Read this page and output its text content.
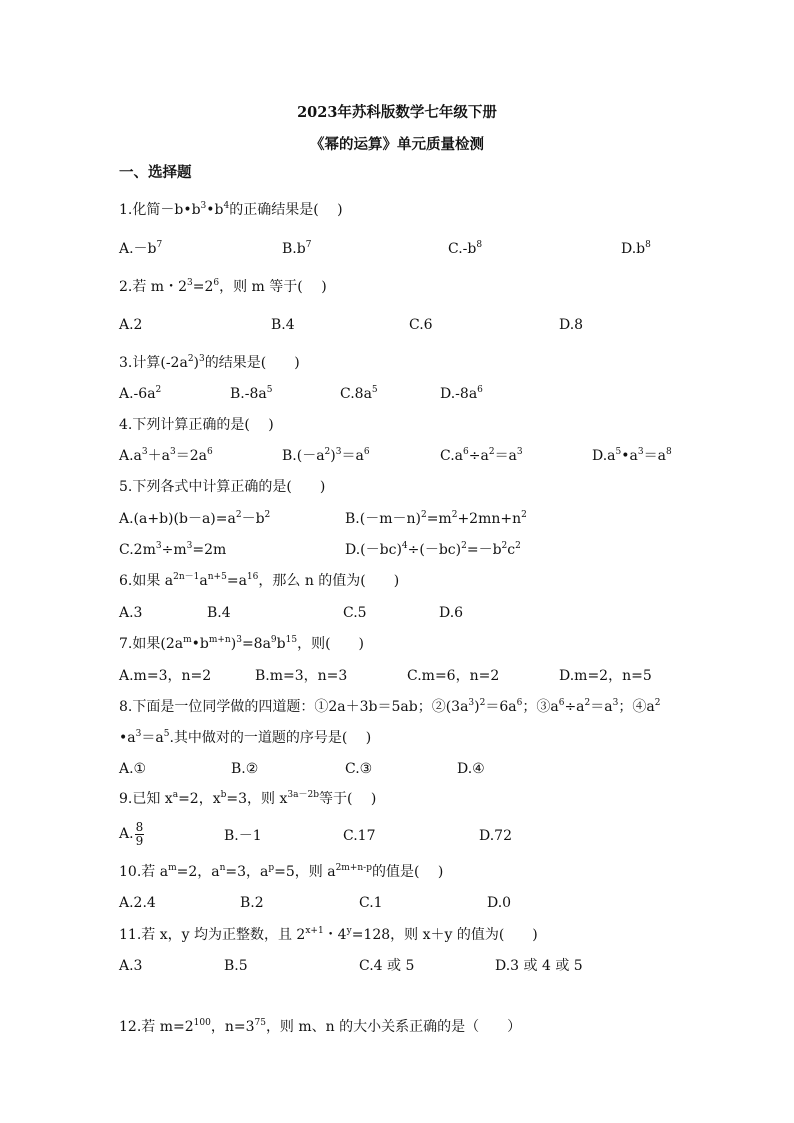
2023年苏科版数学七年级下册
《幂的运算》单元质量检测
一、选择题
1.化简$-b•b^3•b^4$的正确结果是(　 )
$A.-b^7$	$B.b^7$	$C.-b^8$	$D.b^8$
2.若 m・$2^3=2^6$，则 m 等于(　 )
A.2	B.4	C.6	D.8
3.计算$(-2a^2)^3$的结果是(　　)
$A.-6a^2$	$B.-8a^5$	$C.8a^5$	$D.-8a^6$
4.下列计算正确的是(　 )
$A.a^3+a^3=2a^6$	$B.(-a^2)^3=a^6$	$C.a^6\div a^2=a^3$	$D.a^5•a^3=a^8$
5.下列各式中计算正确的是(　　)
$A.(a+b)(b-a)=a^2-b^2$	$B.(-m-n)^2=m^2+2mn+n^2$
$C.2m^3\div m^3=2m$	$D.(-bc)^4\div(-bc)^2=-b^2c^2$
6.如果 $a^{2n-1}a^{n+5}=a^{16}$，那么 n 的值为(　　)
A.3	B.4	C.5	D.6
7.如果$(2a^m•b^{m+n})^3=8a^9b^{15}$，则(　　)
A.m=3，n=2	B.m=3，n=3	C.m=6，n=2	D.m=2，n=5
8.下面是一位同学做的四道题：①2a＋3b＝5ab；$②(3a^3)^2=6a^6$；$③a^6\div a^2=a^3$；$④a^2$
$•a^3=a^5$.其中做对的一道题的序号是(　 )
A.①	B.②	C.③	D.④
9.已知 $x^a=2$，$x^b=3$，则 $x^{3a-2b}$等于(　 )
A. $\frac{8}{9}$	B.－1	C.17	D.72
10.若 $a^m=2$，$a^n=3$，$a^p=5$，则 $a^{2m+n-p}$的值是(　 )
A.2.4	B.2	C.1	D.0
11.若 x，y 均为正整数，且 $2^{x+1}$・$4^y=128$，则 x＋y 的值为(　　)
A.3	B.5	C.4 或 5	D.3 或 4 或 5
12.若 $m=2^{100}$，$n=3^{75}$，则 m、n 的大小关系正确的是（　　）
